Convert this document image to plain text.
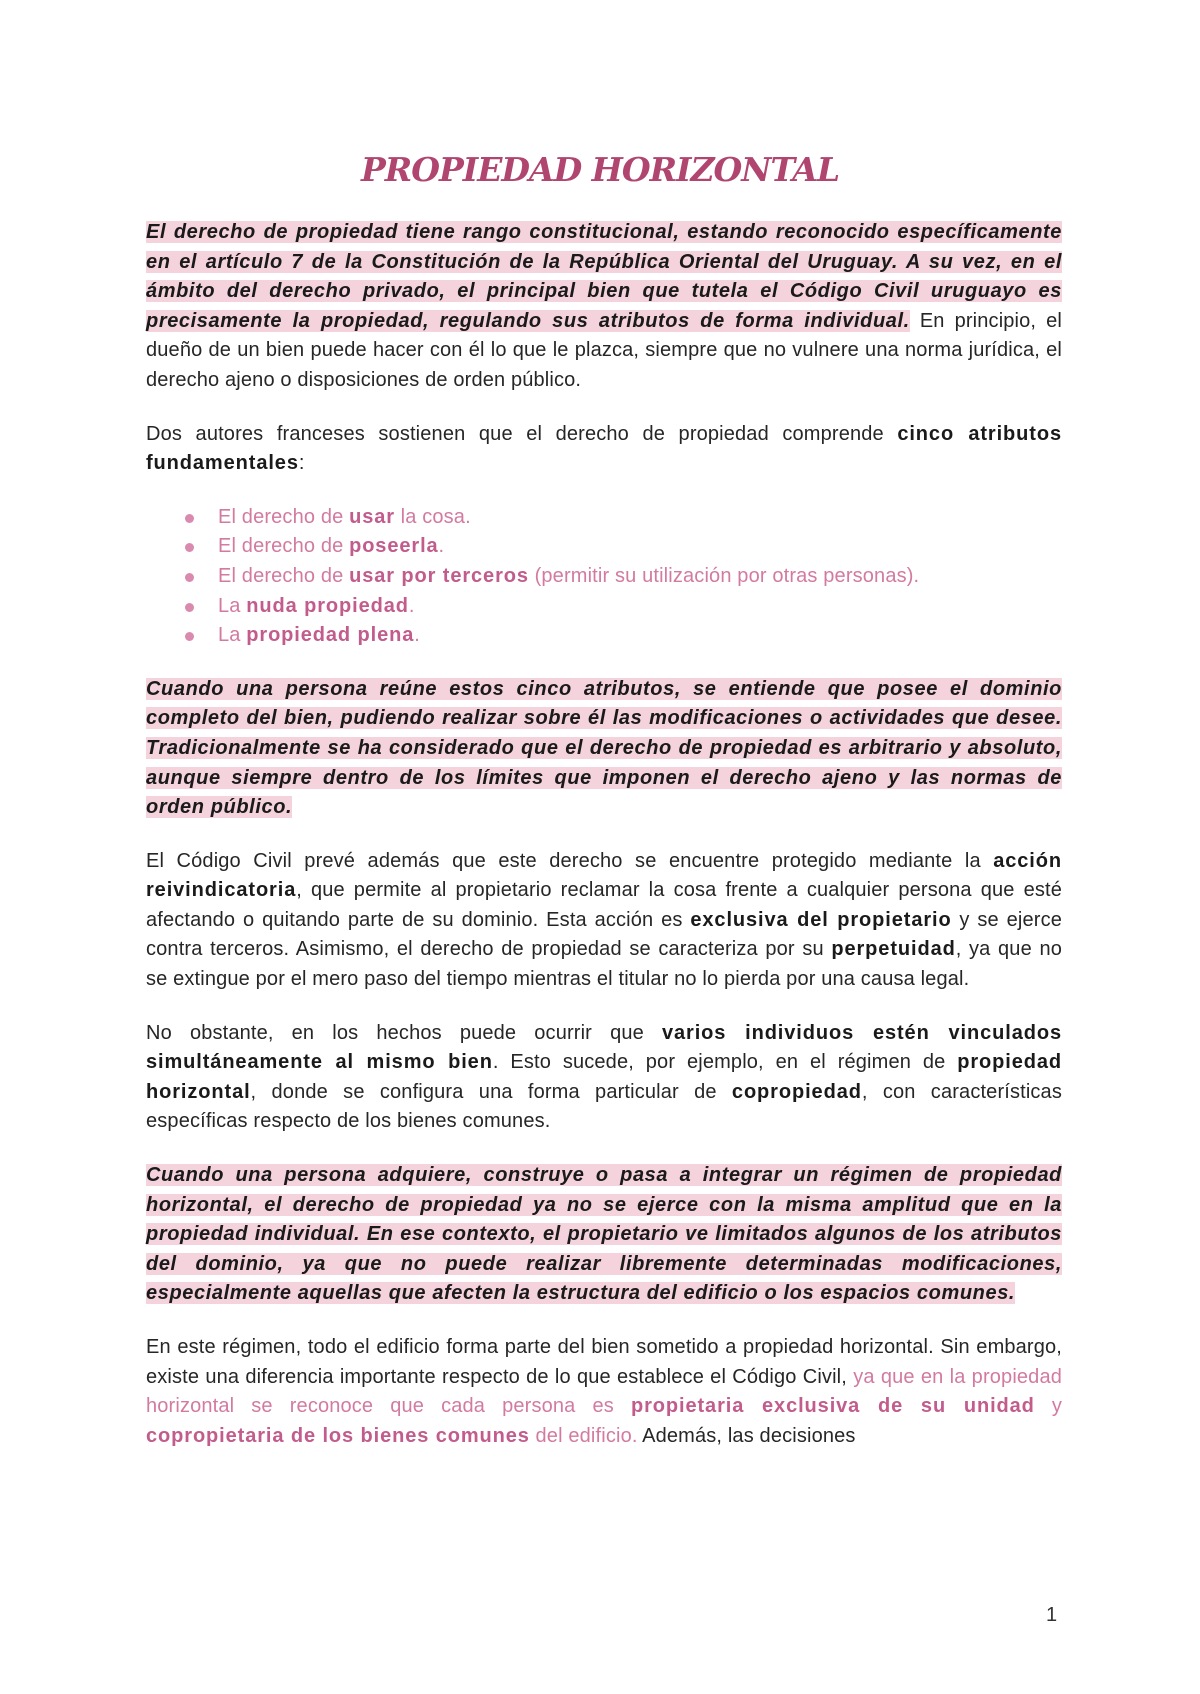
PROPIEDAD HORIZONTAL

El derecho de propiedad tiene rango constitucional, estando reconocido específicamente en el artículo 7 de la Constitución de la República Oriental del Uruguay. A su vez, en el ámbito del derecho privado, el principal bien que tutela el Código Civil uruguayo es precisamente la propiedad, regulando sus atributos de forma individual. En principio, el dueño de un bien puede hacer con él lo que le plazca, siempre que no vulnere una norma jurídica, el derecho ajeno o disposiciones de orden público.

Dos autores franceses sostienen que el derecho de propiedad comprende cinco atributos fundamentales:

El derecho de usar la cosa.
El derecho de poseerla.
El derecho de usar por terceros (permitir su utilización por otras personas).
La nuda propiedad.
La propiedad plena.

Cuando una persona reúne estos cinco atributos, se entiende que posee el dominio completo del bien, pudiendo realizar sobre él las modificaciones o actividades que desee. Tradicionalmente se ha considerado que el derecho de propiedad es arbitrario y absoluto, aunque siempre dentro de los límites que imponen el derecho ajeno y las normas de orden público.

El Código Civil prevé además que este derecho se encuentre protegido mediante la acción reivindicatoria, que permite al propietario reclamar la cosa frente a cualquier persona que esté afectando o quitando parte de su dominio. Esta acción es exclusiva del propietario y se ejerce contra terceros. Asimismo, el derecho de propiedad se caracteriza por su perpetuidad, ya que no se extingue por el mero paso del tiempo mientras el titular no lo pierda por una causa legal.

No obstante, en los hechos puede ocurrir que varios individuos estén vinculados simultáneamente al mismo bien. Esto sucede, por ejemplo, en el régimen de propiedad horizontal, donde se configura una forma particular de copropiedad, con características específicas respecto de los bienes comunes.

Cuando una persona adquiere, construye o pasa a integrar un régimen de propiedad horizontal, el derecho de propiedad ya no se ejerce con la misma amplitud que en la propiedad individual. En ese contexto, el propietario ve limitados algunos de los atributos del dominio, ya que no puede realizar libremente determinadas modificaciones, especialmente aquellas que afecten la estructura del edificio o los espacios comunes.

En este régimen, todo el edificio forma parte del bien sometido a propiedad horizontal. Sin embargo, existe una diferencia importante respecto de lo que establece el Código Civil, ya que en la propiedad horizontal se reconoce que cada persona es propietaria exclusiva de su unidad y copropietaria de los bienes comunes del edificio. Además, las decisiones

1
